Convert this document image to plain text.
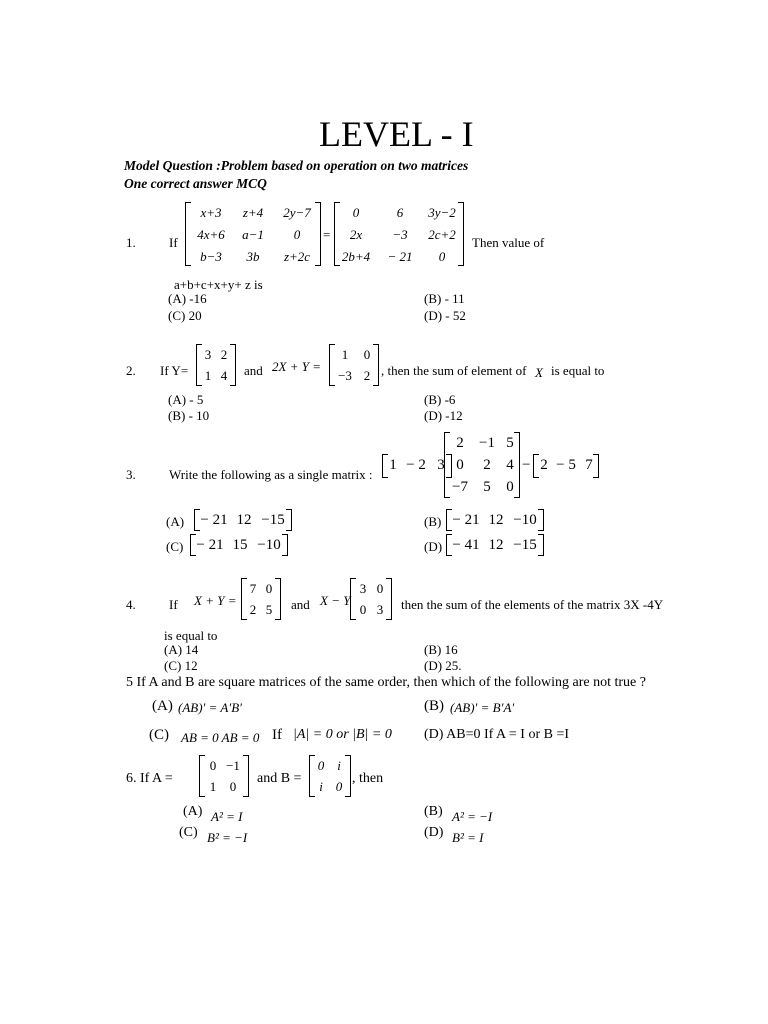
LEVEL - I
Model Question :Problem based on operation on two matrices
One correct answer MCQ
1.	If
x+3 z+4 2y−7
4x+6 a−1 0
b−3 3b z+2c
=
0	6 3y−2
2x −3 2c+2
2b+4 − 21 0
Then value of
a+b+c+x+y+ z is
(A) -16	(B) - 11
(C) 20	(D) - 52
2. If Y=
3 2
1 4 and 2X + Y =
1 0
−3 2 , then the sum of element of X is equal to
(A) - 5	(B) -6
(B) - 10	(D) -12
3.	Write the following as a single matrix :
1 − 2 3
2 −1 5
0 2 4
−7 5 0
− 2 − 5 7
(A) − 21 12 −15	(B) − 21 12 −10
(C) − 21 15 −10	(D) − 41 12 −15
4.	If X + Y =
7 0
2 5 and X − Y
3 0
0 3 then the sum of the elements of the matrix 3X -4Y
is equal to
(A) 14	(B) 16
(C) 12	(D) 25.
5 If A and B are square matrices of the same order, then which of the following are not true ?
(A) (AB)′ = A′B′	(B) (AB)′ = B′A′
(C) AB = 0 AB = 0 If |A| = 0 or |B| = 0 (D) AB=0 If A = I or B =I
6. If A =
0 −1
1 0
and B =
0 i
i 0
, then
(A) A² = I	(B) A² = −I
(C) B² = −I	(D) B² = I
